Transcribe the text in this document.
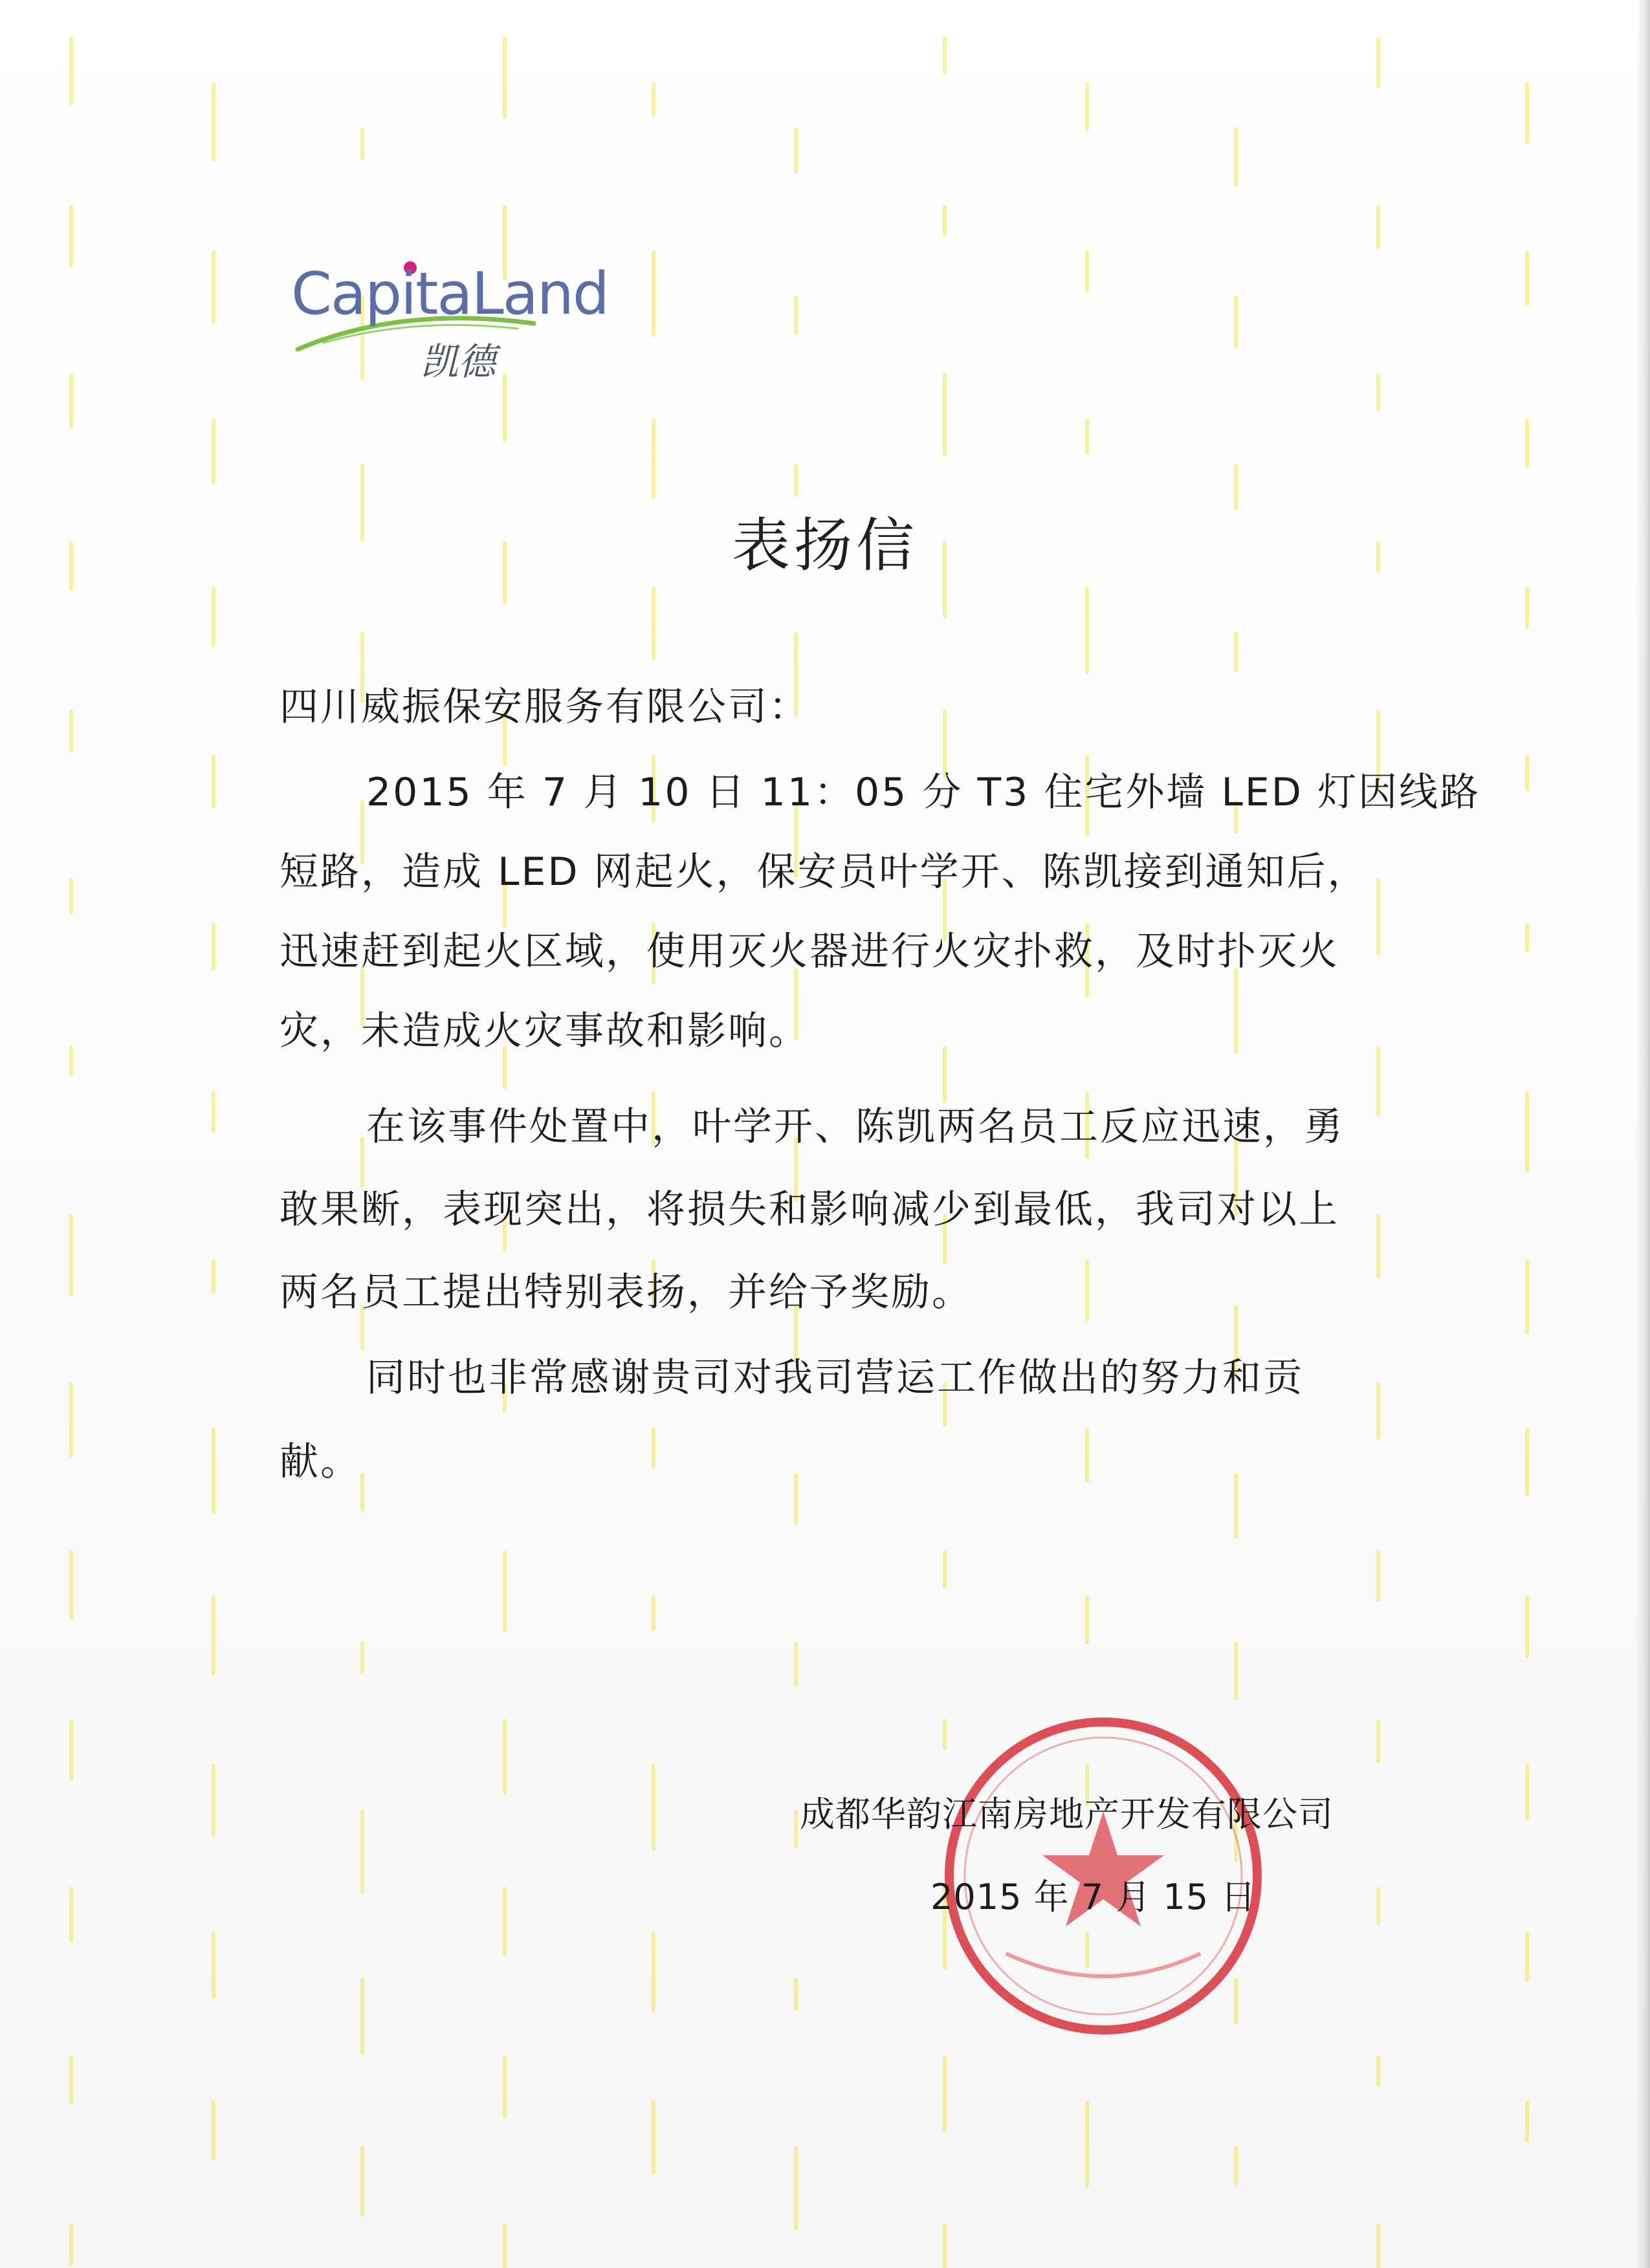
CapitaLand
凯德
表扬信
四川威振保安服务有限公司：
2015 年 7 月 10 日 11：05 分 T3 住宅外墙 LED 灯因线路
短路，造成 LED 网起火，保安员叶学开、陈凯接到通知后，
迅速赶到起火区域，使用灭火器进行火灾扑救，及时扑灭火
灾，未造成火灾事故和影响。
在该事件处置中，叶学开、陈凯两名员工反应迅速，勇
敢果断，表现突出，将损失和影响减少到最低，我司对以上
两名员工提出特别表扬，并给予奖励。
同时也非常感谢贵司对我司营运工作做出的努力和贡
献。
成都华韵江南房地产开发有限公司
2015 年 7 月 15 日
